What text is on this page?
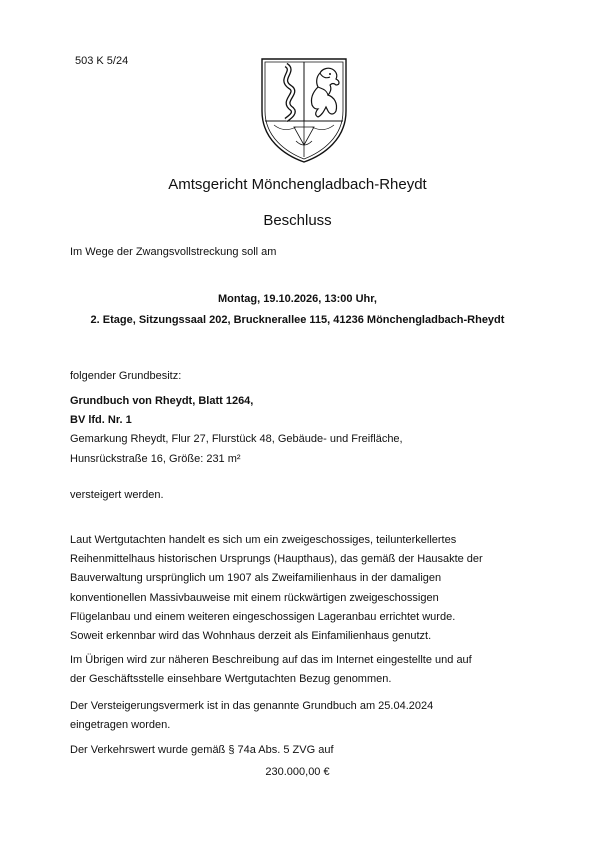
503 K 5/24
Amtsgericht Mönchengladbach-Rheydt
Beschluss
Im Wege der Zwangsvollstreckung soll am
Montag, 19.10.2026, 13:00 Uhr,
2. Etage, Sitzungssaal 202, Brucknerallee 115, 41236 Mönchengladbach-Rheydt
folgender Grundbesitz:
Grundbuch von Rheydt, Blatt 1264,
BV lfd. Nr. 1
Gemarkung Rheydt, Flur 27, Flurstück 48, Gebäude- und Freifläche,
Hunsrückstraße 16, Größe: 231 m²
versteigert werden.
Laut Wertgutachten handelt es sich um ein zweigeschossiges, teilunterkellertes
Reihenmittelhaus historischen Ursprungs (Haupthaus), das gemäß der Hausakte der
Bauverwaltung ursprünglich um 1907 als Zweifamilienhaus in der damaligen
konventionellen Massivbauweise mit einem rückwärtigen zweigeschossigen
Flügelanbau und einem weiteren eingeschossigen Lageranbau errichtet wurde.
Soweit erkennbar wird das Wohnhaus derzeit als Einfamilienhaus genutzt.
Im Übrigen wird zur näheren Beschreibung auf das im Internet eingestellte und auf
der Geschäftsstelle einsehbare Wertgutachten Bezug genommen.
Der Versteigerungsvermerk ist in das genannte Grundbuch am 25.04.2024
eingetragen worden.
Der Verkehrswert wurde gemäß § 74a Abs. 5 ZVG auf
230.000,00 €
